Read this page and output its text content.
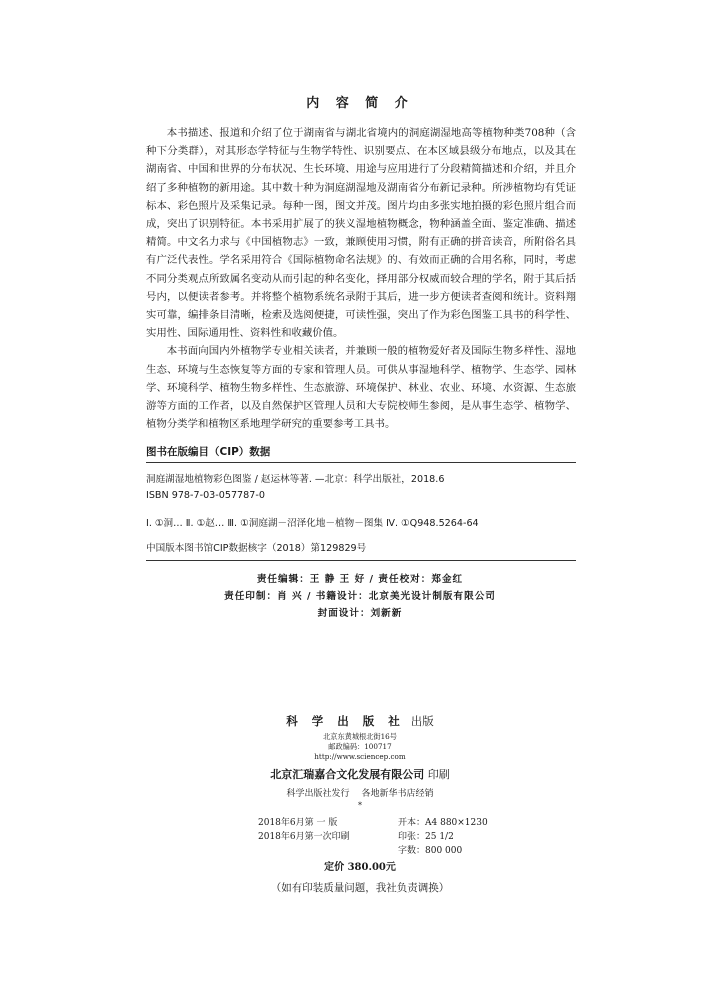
内 容 简 介

本书描述、报道和介绍了位于湖南省与湖北省境内的洞庭湖湿地高等植物种类708种（含种下分类群），对其形态学特征与生物学特性、识别要点、在本区域县级分布地点，以及其在湖南省、中国和世界的分布状况、生长环境、用途与应用进行了分段精简描述和介绍，并且介绍了多种植物的新用途。其中数十种为洞庭湖湿地及湖南省分布新记录种。所涉植物均有凭证标本、彩色照片及采集记录。每种一图，图文并茂。图片均由多张实地拍摄的彩色照片组合而成，突出了识别特征。本书采用扩展了的狭义湿地植物概念，物种涵盖全面、鉴定准确、描述精简。中文名力求与《中国植物志》一致，兼顾使用习惯，附有正确的拼音读音，所附俗名具有广泛代表性。学名采用符合《国际植物命名法规》的、有效而正确的合用名称，同时，考虑不同分类观点所致属名变动从而引起的种名变化，择用部分权威而较合理的学名，附于其后括号内，以便读者参考。并将整个植物系统名录附于其后，进一步方便读者查阅和统计。资料翔实可靠，编排条目清晰，检索及选阅便捷，可读性强，突出了作为彩色图鉴工具书的科学性、实用性、国际通用性、资料性和收藏价值。

本书面向国内外植物学专业相关读者，并兼顾一般的植物爱好者及国际生物多样性、湿地生态、环境与生态恢复等方面的专家和管理人员。可供从事湿地科学、植物学、生态学、园林学、环境科学、植物生物多样性、生态旅游、环境保护、林业、农业、环境、水资源、生态旅游等方面的工作者，以及自然保护区管理人员和大专院校师生参阅，是从事生态学、植物学、植物分类学和植物区系地理学研究的重要参考工具书。

图书在版编目（CIP）数据
洞庭湖湿地植物彩色图鉴 / 赵运林等著. —北京：科学出版社，2018.6
ISBN 978-7-03-057787-0
Ⅰ. ①洞… Ⅱ. ①赵… Ⅲ. ①洞庭湖－沼泽化地－植物－图集 Ⅳ. ①Q948.5264-64
中国版本图书馆CIP数据核字（2018）第129829号
责任编辑：王 静 王 好 / 责任校对：郑金红
责任印制：肖 兴 / 书籍设计：北京美光设计制版有限公司
封面设计：刘新新
科 学 出 版 社 出版
北京东黄城根北街16号
邮政编码：100717
http://www.sciencep.com
北京汇瑞嘉合文化发展有限公司 印刷
科学出版社发行 各地新华书店经销
*
2018年6月第 一 版	开本：A4 880×1230
2018年6月第一次印刷	印张：25 1/2
字数：800 000
定价 380.00元
（如有印装质量问题，我社负责调换）
